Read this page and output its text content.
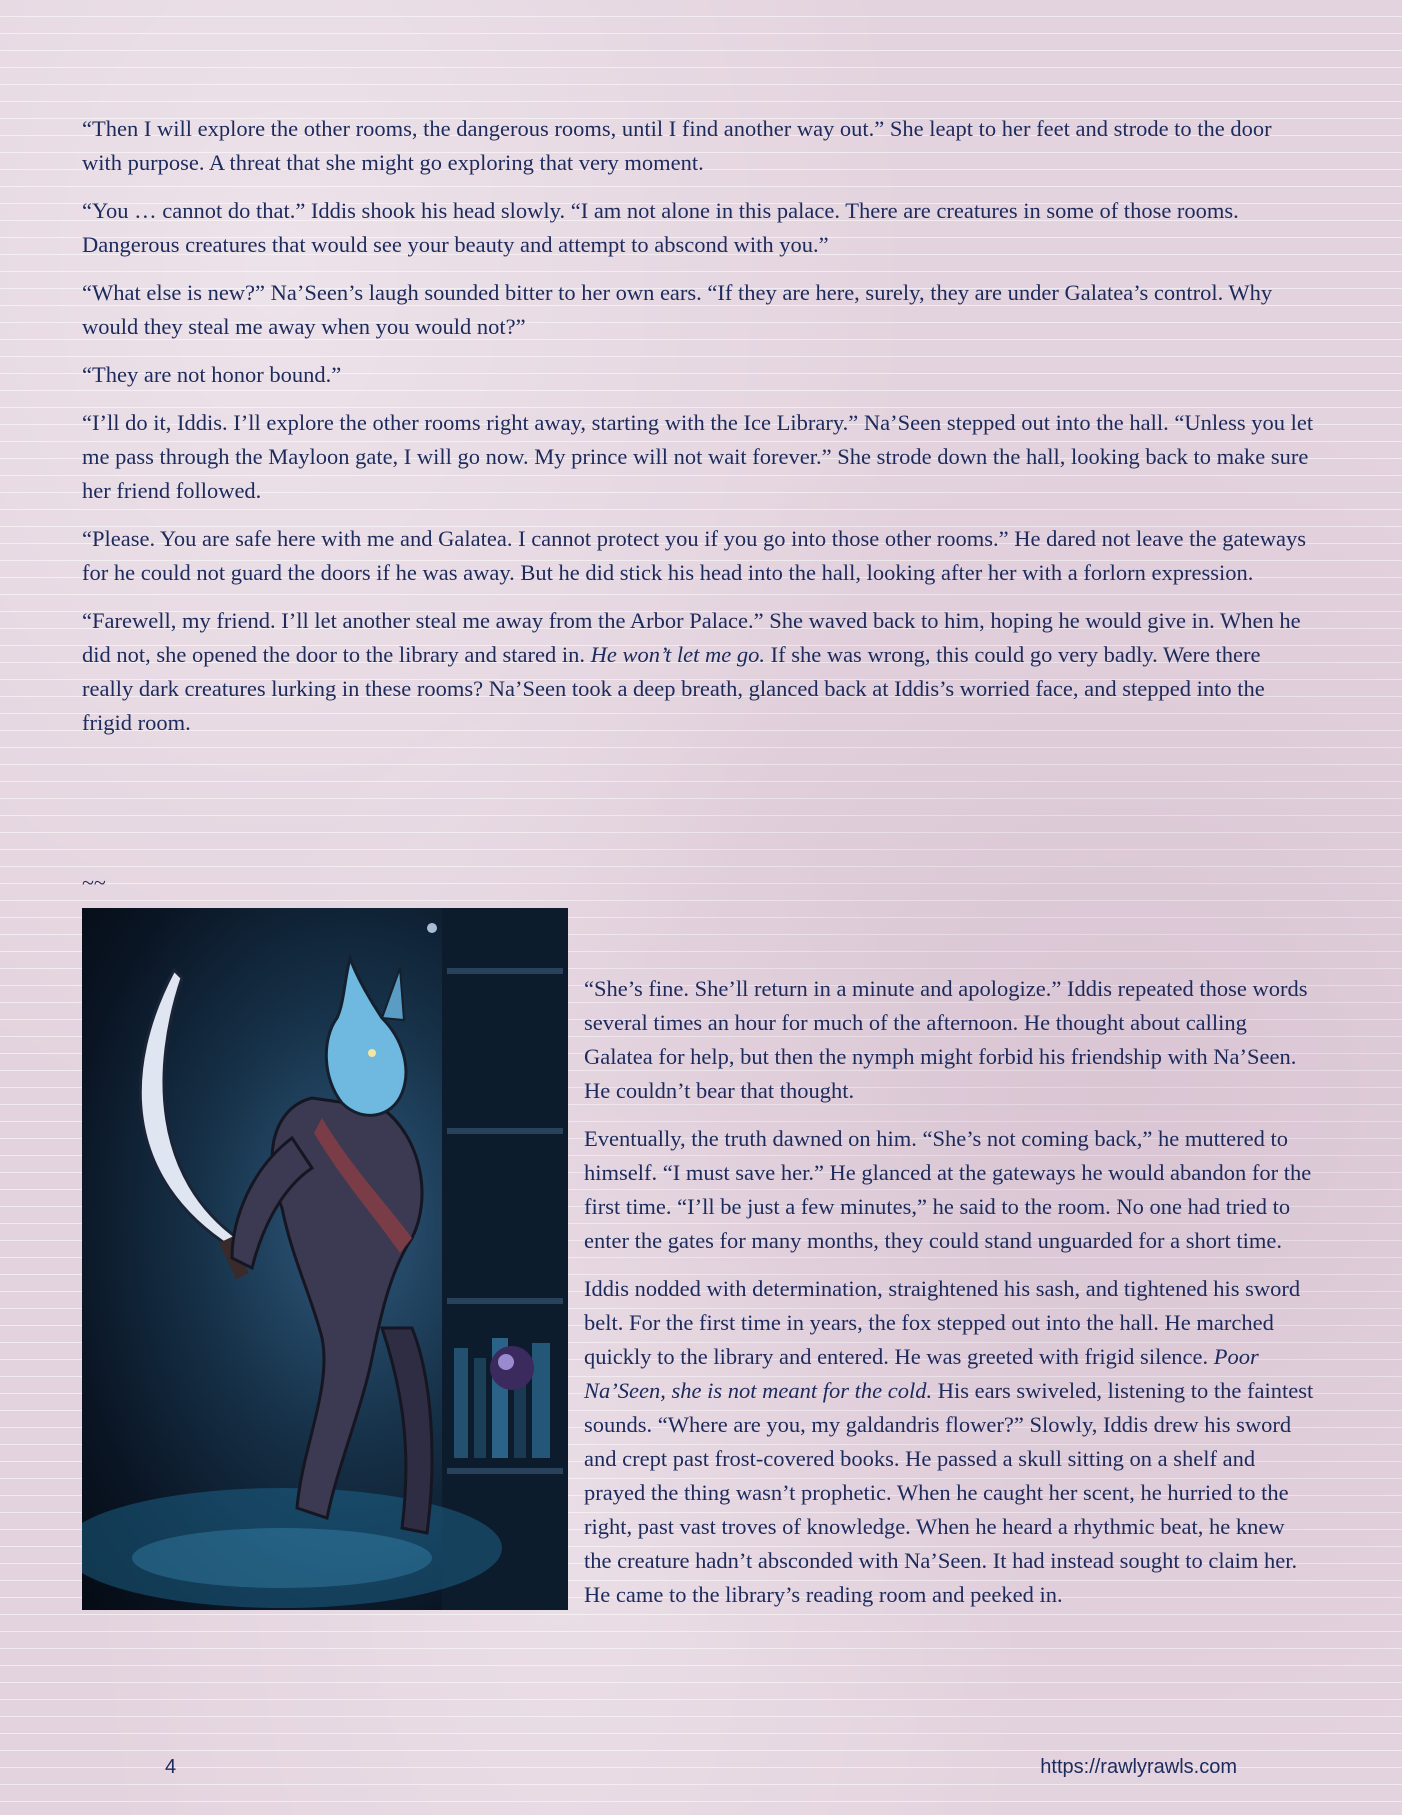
“Then I will explore the other rooms, the dangerous rooms, until I find another way out.” She leapt to her feet and strode to the door with purpose. A threat that she might go exploring that very moment.

“You … cannot do that.” Iddis shook his head slowly. “I am not alone in this palace. There are creatures in some of those rooms. Dangerous creatures that would see your beauty and attempt to abscond with you.”

“What else is new?” Na’Seen’s laugh sounded bitter to her own ears. “If they are here, surely, they are under Galatea’s control. Why would they steal me away when you would not?”

“They are not honor bound.”

“I’ll do it, Iddis. I’ll explore the other rooms right away, starting with the Ice Library.” Na’Seen stepped out into the hall. “Unless you let me pass through the Mayloon gate, I will go now. My prince will not wait forever.” She strode down the hall, looking back to make sure her friend followed.

“Please. You are safe here with me and Galatea. I cannot protect you if you go into those other rooms.” He dared not leave the gateways for he could not guard the doors if he was away. But he did stick his head into the hall, looking after her with a forlorn expression.

“Farewell, my friend. I’ll let another steal me away from the Arbor Palace.” She waved back to him, hoping he would give in. When he did not, she opened the door to the library and stared in. He won’t let me go. If she was wrong, this could go very badly. Were there really dark creatures lurking in these rooms? Na’Seen took a deep breath, glanced back at Iddis’s worried face, and stepped into the frigid room.

~~

“She’s fine. She’ll return in a minute and apologize.” Iddis repeated those words several times an hour for much of the afternoon. He thought about calling Galatea for help, but then the nymph might forbid his friendship with Na’Seen. He couldn’t bear that thought.

Eventually, the truth dawned on him. “She’s not coming back,” he muttered to himself. “I must save her.” He glanced at the gateways he would abandon for the first time. “I’ll be just a few minutes,” he said to the room. No one had tried to enter the gates for many months, they could stand unguarded for a short time.

Iddis nodded with determination, straightened his sash, and tightened his sword belt. For the first time in years, the fox stepped out into the hall. He marched quickly to the library and entered. He was greeted with frigid silence. Poor Na’Seen, she is not meant for the cold. His ears swiveled, listening to the faintest sounds. “Where are you, my galdandris flower?” Slowly, Iddis drew his sword and crept past frost-covered books. He passed a skull sitting on a shelf and prayed the thing wasn’t prophetic. When he caught her scent, he hurried to the right, past vast troves of knowledge. When he heard a rhythmic beat, he knew the creature hadn’t absconded with Na’Seen. It had instead sought to claim her. He came to the library’s reading room and peeked in.

4	https://rawlyrawls.com
